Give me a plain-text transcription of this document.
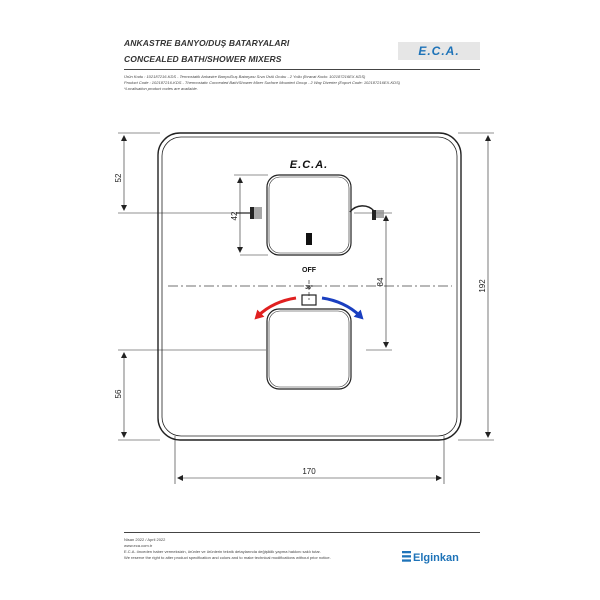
ANKASTRE BANYO/DUŞ BATARYALARI
CONCEALED BATH/SHOWER MIXERS
E.C.A.
Ürün Kodu : 102187216-KDS - Termostatik Ankastre Banyo/Duş Bataryası Sıva Üstü Grubu - 2 Yollu (İhracat Kodu: 102187216EX-KDS)
Product Code : 102187216-KDS - Thermostatic Concealed Bath/Shower Mixer Surface Mounted Group - 2 Way Diverter (Export Code: 102187216EX-KDS)
*Localisation product codes are available.
E.C.A.
OFF
38°
52
42
84	192
56
170
Nisan 2022 / April 2022
www.eca.com.tr
E.C.A. önceden haber vermeksizin, ürünler ve ürünlerin teknik detaylarında değişiklik yapma hakkını saklı tutar.
We reserve the right to alter product specification and colors and to make technical modifications without prior notice.	Elginkan
